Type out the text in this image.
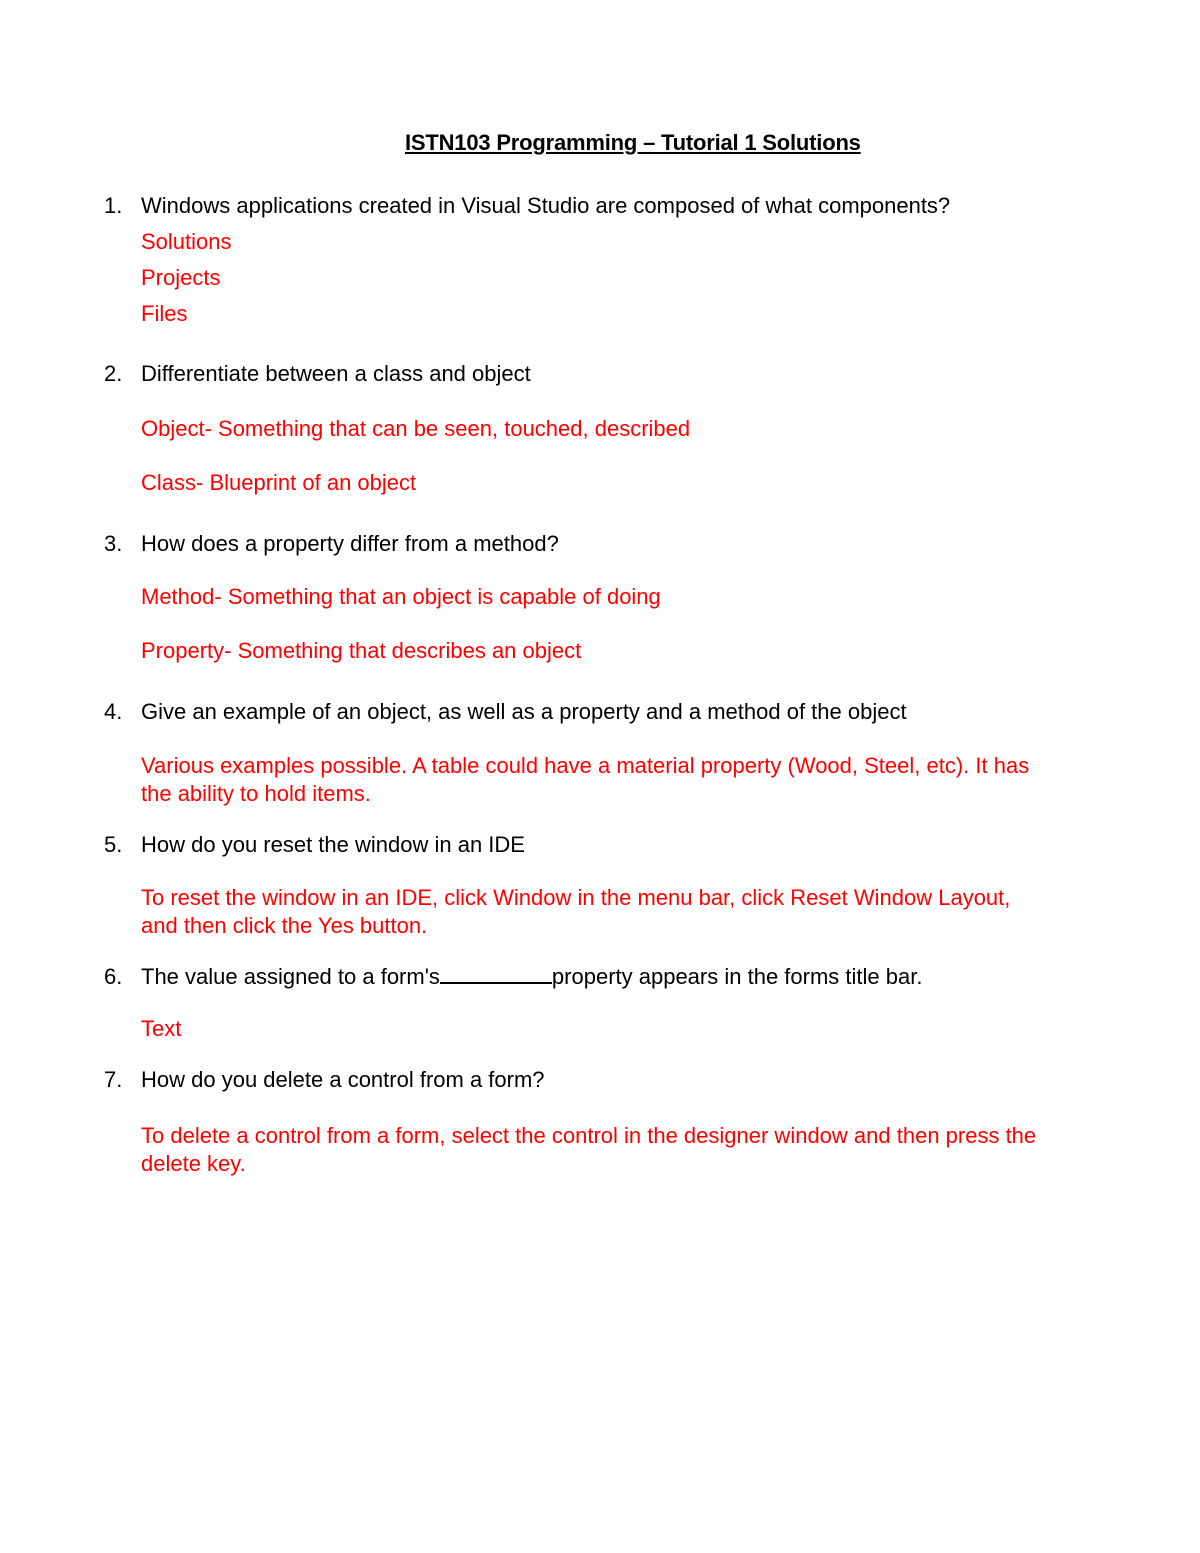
ISTN103 Programming – Tutorial 1 Solutions
1. Windows applications created in Visual Studio are composed of what components?
Solutions
Projects
Files
2. Differentiate between a class and object
Object- Something that can be seen, touched, described
Class- Blueprint of an object
3. How does a property differ from a method?
Method- Something that an object is capable of doing
Property- Something that describes an object
4. Give an example of an object, as well as a property and a method of the object
Various examples possible. A table could have a material property (Wood, Steel, etc). It has the ability to hold items.
5. How do you reset the window in an IDE
To reset the window in an IDE, click Window in the menu bar, click Reset Window Layout, and then click the Yes button.
6. The value assigned to a form's	property appears in the forms title bar.
Text
7. How do you delete a control from a form?
To delete a control from a form, select the control in the designer window and then press the delete key.
